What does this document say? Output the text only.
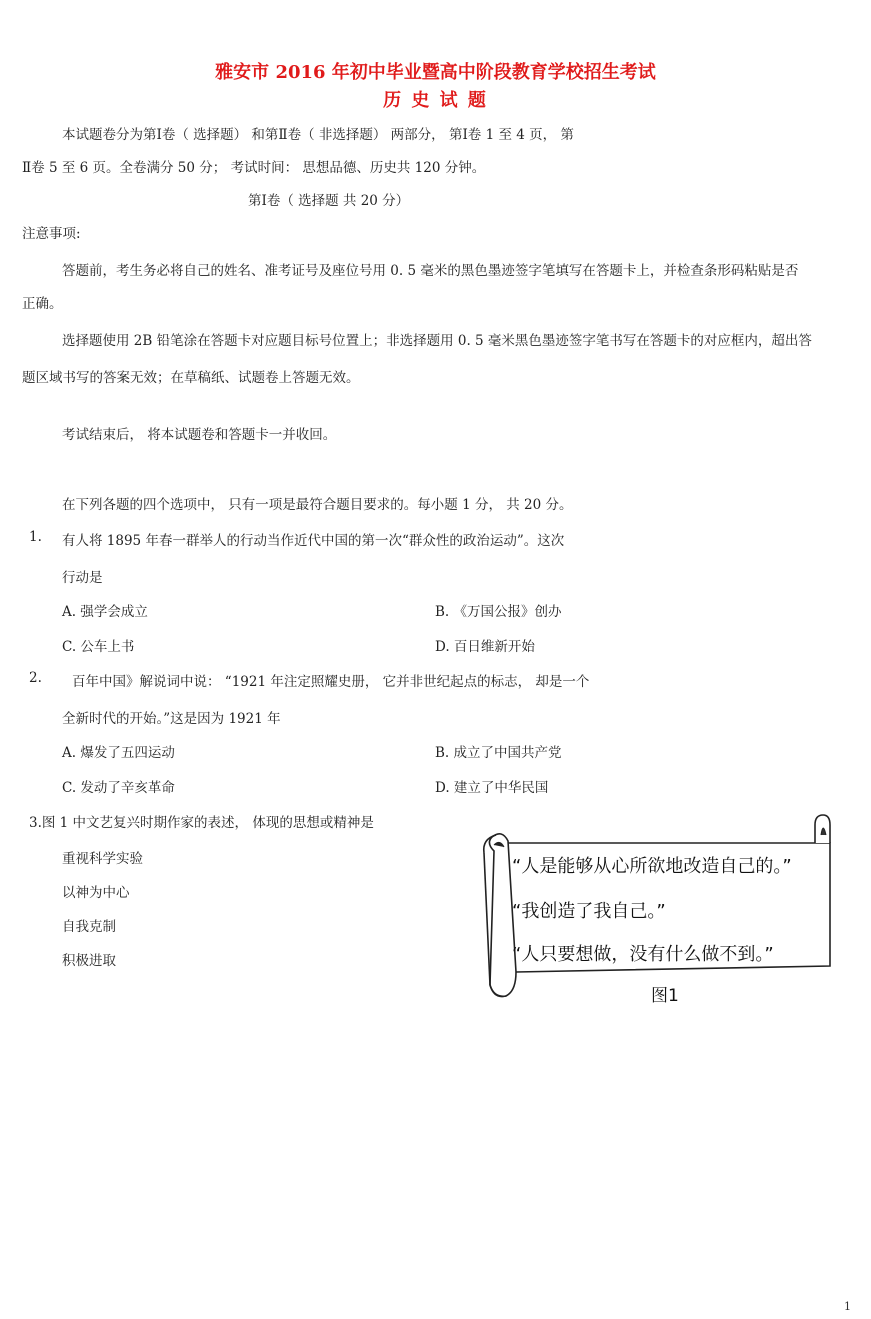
雅安市 2016 年初中毕业暨高中阶段教育学校招生考试
历 史 试 题
本试题卷分为第Ⅰ卷（ 选择题） 和第Ⅱ卷（ 非选择题） 两部分， 第Ⅰ卷 1 至 4 页， 第
Ⅱ卷 5 至 6 页。全卷满分 50 分； 考试时间： 思想品德、历史共 120 分钟。
第Ⅰ卷（ 选择题 共 20 分）
注意事项:
答题前，考生务必将自己的姓名、准考证号及座位号用 0. 5 毫米的黑色墨迹签字笔填写在答题卡上，并检查条形码粘贴是否
正确。
选择题使用 2B 铅笔涂在答题卡对应题目标号位置上；非选择题用 0. 5 毫米黑色墨迹签字笔书写在答题卡的对应框内，超出答
题区域书写的答案无效；在草稿纸、试题卷上答题无效。
考试结束后， 将本试题卷和答题卡一并收回。
在下列各题的四个选项中， 只有一项是最符合题目要求的。每小题 1 分， 共 20 分。
1. 有人将 1895 年春一群举人的行动当作近代中国的第一次“群众性的政治运动”。这次
行动是
A. 强学会成立	B. 《万国公报》创办
C. 公车上书	D. 百日维新开始
2. 百年中国》解说词中说： “1921 年注定照耀史册， 它并非世纪起点的标志， 却是一个
全新时代的开始。”这是因为 1921 年
A. 爆发了五四运动	B. 成立了中国共产党
C. 发动了辛亥革命	D. 建立了中华民国
3.图 1 中文艺复兴时期作家的表述， 体现的思想或精神是
重视科学实验
以神为中心
自我克制
积极进取
“人是能够从心所欲地改造自己的。”
“我创造了我自己。”
“人只要想做，没有什么做不到。”
图1
1
